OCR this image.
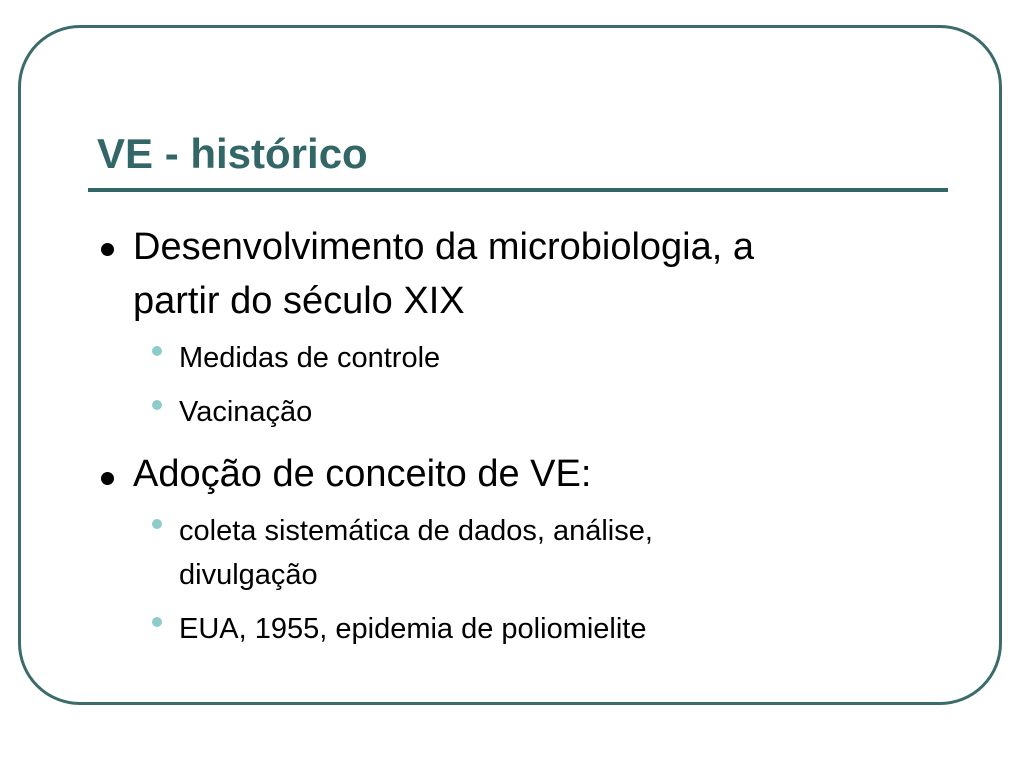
VE - histórico
Desenvolvimento da microbiologia, a
partir do século XIX
Medidas de controle
Vacinação
Adoção de conceito de VE:
coleta sistemática de dados, análise,
divulgação
EUA, 1955, epidemia de poliomielite
